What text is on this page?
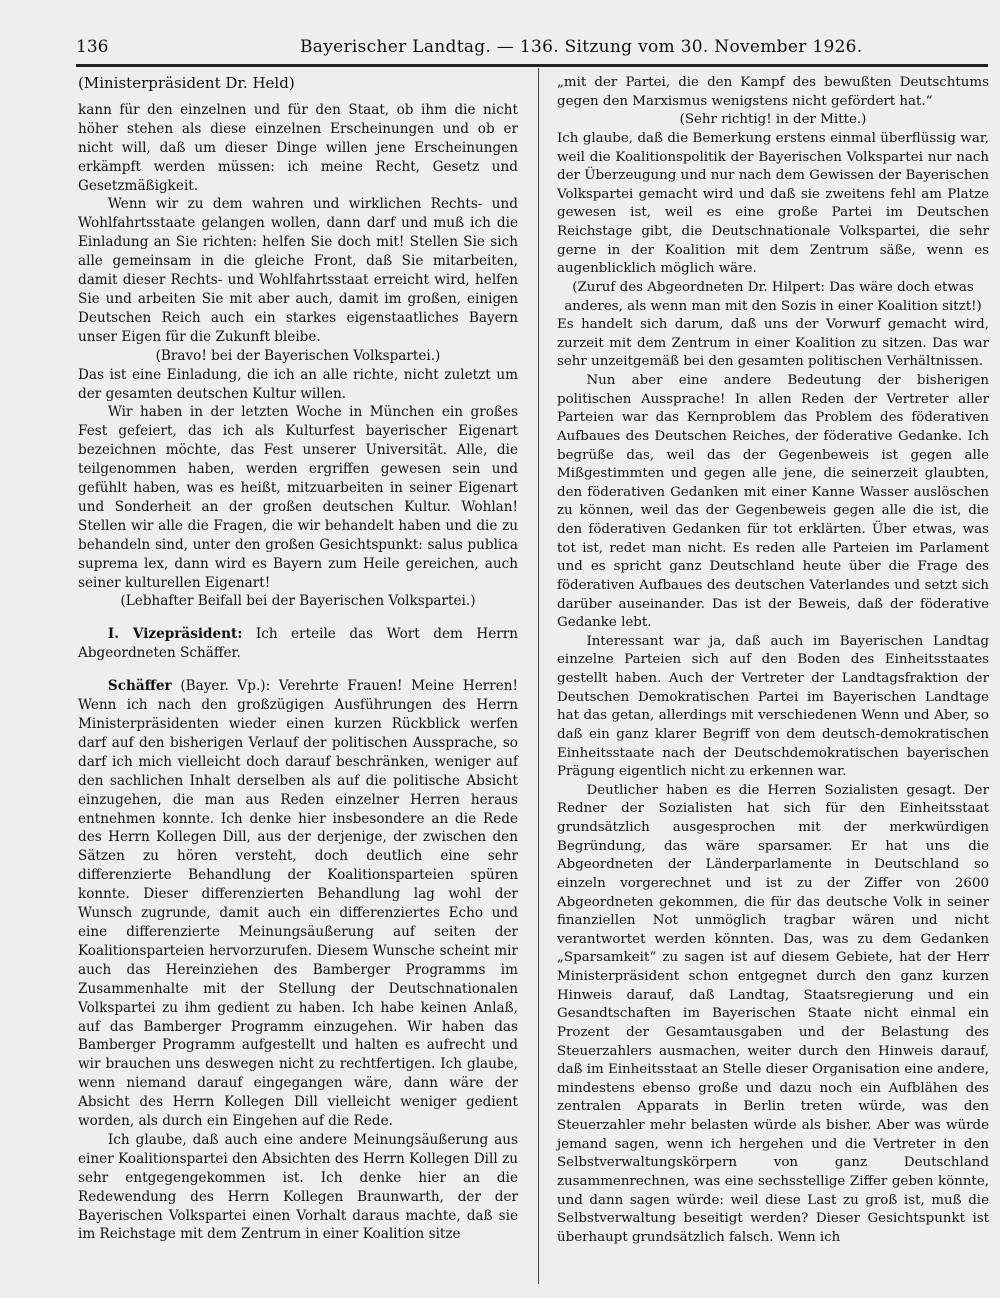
136	Bayerischer Landtag. — 136. Sitzung vom 30. November 1926.

(Ministerpräsident Dr. Held)

kann für den einzelnen und für den Staat, ob ihm die nicht höher stehen als diese einzelnen Erscheinungen und ob er nicht will, daß um dieser Dinge willen jene Erscheinungen erkämpft werden müssen: ich meine Recht, Gesetz und Gesetzmäßigkeit.

Wenn wir zu dem wahren und wirklichen Rechts- und Wohlfahrtsstaate gelangen wollen, dann darf und muß ich die Einladung an Sie richten: helfen Sie doch mit! Stellen Sie sich alle gemeinsam in die gleiche Front, daß Sie mitarbeiten, damit dieser Rechts- und Wohlfahrtsstaat erreicht wird, helfen Sie und arbeiten Sie mit aber auch, damit im großen, einigen Deutschen Reich auch ein starkes eigenstaatliches Bayern unser Eigen für die Zukunft bleibe.

(Bravo! bei der Bayerischen Volkspartei.)

Das ist eine Einladung, die ich an alle richte, nicht zuletzt um der gesamten deutschen Kultur willen.

Wir haben in der letzten Woche in München ein großes Fest gefeiert, das ich als Kulturfest bayerischer Eigenart bezeichnen möchte, das Fest unserer Universität. Alle, die teilgenommen haben, werden ergriffen gewesen sein und gefühlt haben, was es heißt, mitzuarbeiten in seiner Eigenart und Sonderheit an der großen deutschen Kultur. Wohlan! Stellen wir alle die Fragen, die wir behandelt haben und die zu behandeln sind, unter den großen Gesichtspunkt: salus publica suprema lex, dann wird es Bayern zum Heile gereichen, auch seiner kulturellen Eigenart!

(Lebhafter Beifall bei der Bayerischen Volkspartei.)

I. Vizepräsident: Ich erteile das Wort dem Herrn Abgeordneten Schäffer.

Schäffer (Bayer. Vp.): Verehrte Frauen! Meine Herren! Wenn ich nach den großzügigen Ausführungen des Herrn Ministerpräsidenten wieder einen kurzen Rückblick werfen darf auf den bisherigen Verlauf der politischen Aussprache, so darf ich mich vielleicht doch darauf beschränken, weniger auf den sachlichen Inhalt derselben als auf die politische Absicht einzugehen, die man aus Reden einzelner Herren heraus entnehmen konnte. Ich denke hier insbesondere an die Rede des Herrn Kollegen Dill, aus der derjenige, der zwischen den Sätzen zu hören versteht, doch deutlich eine sehr differenzierte Behandlung der Koalitionsparteien spüren konnte. Dieser differenzierten Behandlung lag wohl der Wunsch zugrunde, damit auch ein differenziertes Echo und eine differenzierte Meinungsäußerung auf seiten der Koalitionsparteien hervorzurufen. Diesem Wunsche scheint mir auch das Hereinziehen des Bamberger Programms im Zusammenhalte mit der Stellung der Deutschnationalen Volkspartei zu ihm gedient zu haben. Ich habe keinen Anlaß, auf das Bamberger Programm einzugehen. Wir haben das Bamberger Programm aufgestellt und halten es aufrecht und wir brauchen uns deswegen nicht zu rechtfertigen. Ich glaube, wenn niemand darauf eingegangen wäre, dann wäre der Absicht des Herrn Kollegen Dill vielleicht weniger gedient worden, als durch ein Eingehen auf die Rede.

Ich glaube, daß auch eine andere Meinungsäußerung aus einer Koalitionspartei den Absichten des Herrn Kollegen Dill zu sehr entgegengekommen ist. Ich denke hier an die Redewendung des Herrn Kollegen Braunwarth, der der Bayerischen Volkspartei einen Vorhalt daraus machte, daß sie im Reichstage mit dem Zentrum in einer Koalition sitze

„mit der Partei, die den Kampf des bewußten Deutschtums gegen den Marxismus wenigstens nicht gefördert hat.“

(Sehr richtig! in der Mitte.)

Ich glaube, daß die Bemerkung erstens einmal überflüssig war, weil die Koalitionspolitik der Bayerischen Volkspartei nur nach der Überzeugung und nur nach dem Gewissen der Bayerischen Volkspartei gemacht wird und daß sie zweitens fehl am Platze gewesen ist, weil es eine große Partei im Deutschen Reichstage gibt, die Deutschnationale Volkspartei, die sehr gerne in der Koalition mit dem Zentrum säße, wenn es augenblicklich möglich wäre.

(Zuruf des Abgeordneten Dr. Hilpert: Das wäre doch etwas anderes, als wenn man mit den Sozis in einer Koalition sitzt!)

Es handelt sich darum, daß uns der Vorwurf gemacht wird, zurzeit mit dem Zentrum in einer Koalition zu sitzen. Das war sehr unzeitgemäß bei den gesamten politischen Verhältnissen.

Nun aber eine andere Bedeutung der bisherigen politischen Aussprache! In allen Reden der Vertreter aller Parteien war das Kernproblem das Problem des föderativen Aufbaues des Deutschen Reiches, der föderative Gedanke. Ich begrüße das, weil das der Gegenbeweis ist gegen alle Mißgestimmten und gegen alle jene, die seinerzeit glaubten, den föderativen Gedanken mit einer Kanne Wasser auslöschen zu können, weil das der Gegenbeweis gegen alle die ist, die den föderativen Gedanken für tot erklärten. Über etwas, was tot ist, redet man nicht. Es reden alle Parteien im Parlament und es spricht ganz Deutschland heute über die Frage des föderativen Aufbaues des deutschen Vaterlandes und setzt sich darüber auseinander. Das ist der Beweis, daß der föderative Gedanke lebt.

Interessant war ja, daß auch im Bayerischen Landtag einzelne Parteien sich auf den Boden des Einheitsstaates gestellt haben. Auch der Vertreter der Landtagsfraktion der Deutschen Demokratischen Partei im Bayerischen Landtage hat das getan, allerdings mit verschiedenen Wenn und Aber, so daß ein ganz klarer Begriff von dem deutsch-demokratischen Einheitsstaate nach der Deutschdemokratischen bayerischen Prägung eigentlich nicht zu erkennen war.

Deutlicher haben es die Herren Sozialisten gesagt. Der Redner der Sozialisten hat sich für den Einheitsstaat grundsätzlich ausgesprochen mit der merkwürdigen Begründung, das wäre sparsamer. Er hat uns die Abgeordneten der Länderparlamente in Deutschland so einzeln vorgerechnet und ist zu der Ziffer von 2600 Abgeordneten gekommen, die für das deutsche Volk in seiner finanziellen Not unmöglich tragbar wären und nicht verantwortet werden könnten. Das, was zu dem Gedanken „Sparsamkeit“ zu sagen ist auf diesem Gebiete, hat der Herr Ministerpräsident schon entgegnet durch den ganz kurzen Hinweis darauf, daß Landtag, Staatsregierung und ein Gesandtschaften im Bayerischen Staate nicht einmal ein Prozent der Gesamtausgaben und der Belastung des Steuerzahlers ausmachen, weiter durch den Hinweis darauf, daß im Einheitsstaat an Stelle dieser Organisation eine andere, mindestens ebenso große und dazu noch ein Aufblähen des zentralen Apparats in Berlin treten würde, was den Steuerzahler mehr belasten würde als bisher. Aber was würde jemand sagen, wenn ich hergehen und die Vertreter in den Selbstverwaltungskörpern von ganz Deutschland zusammenrechnen, was eine sechsstellige Ziffer geben könnte, und dann sagen würde: weil diese Last zu groß ist, muß die Selbstverwaltung beseitigt werden? Dieser Gesichtspunkt ist überhaupt grundsätzlich falsch. Wenn ich
